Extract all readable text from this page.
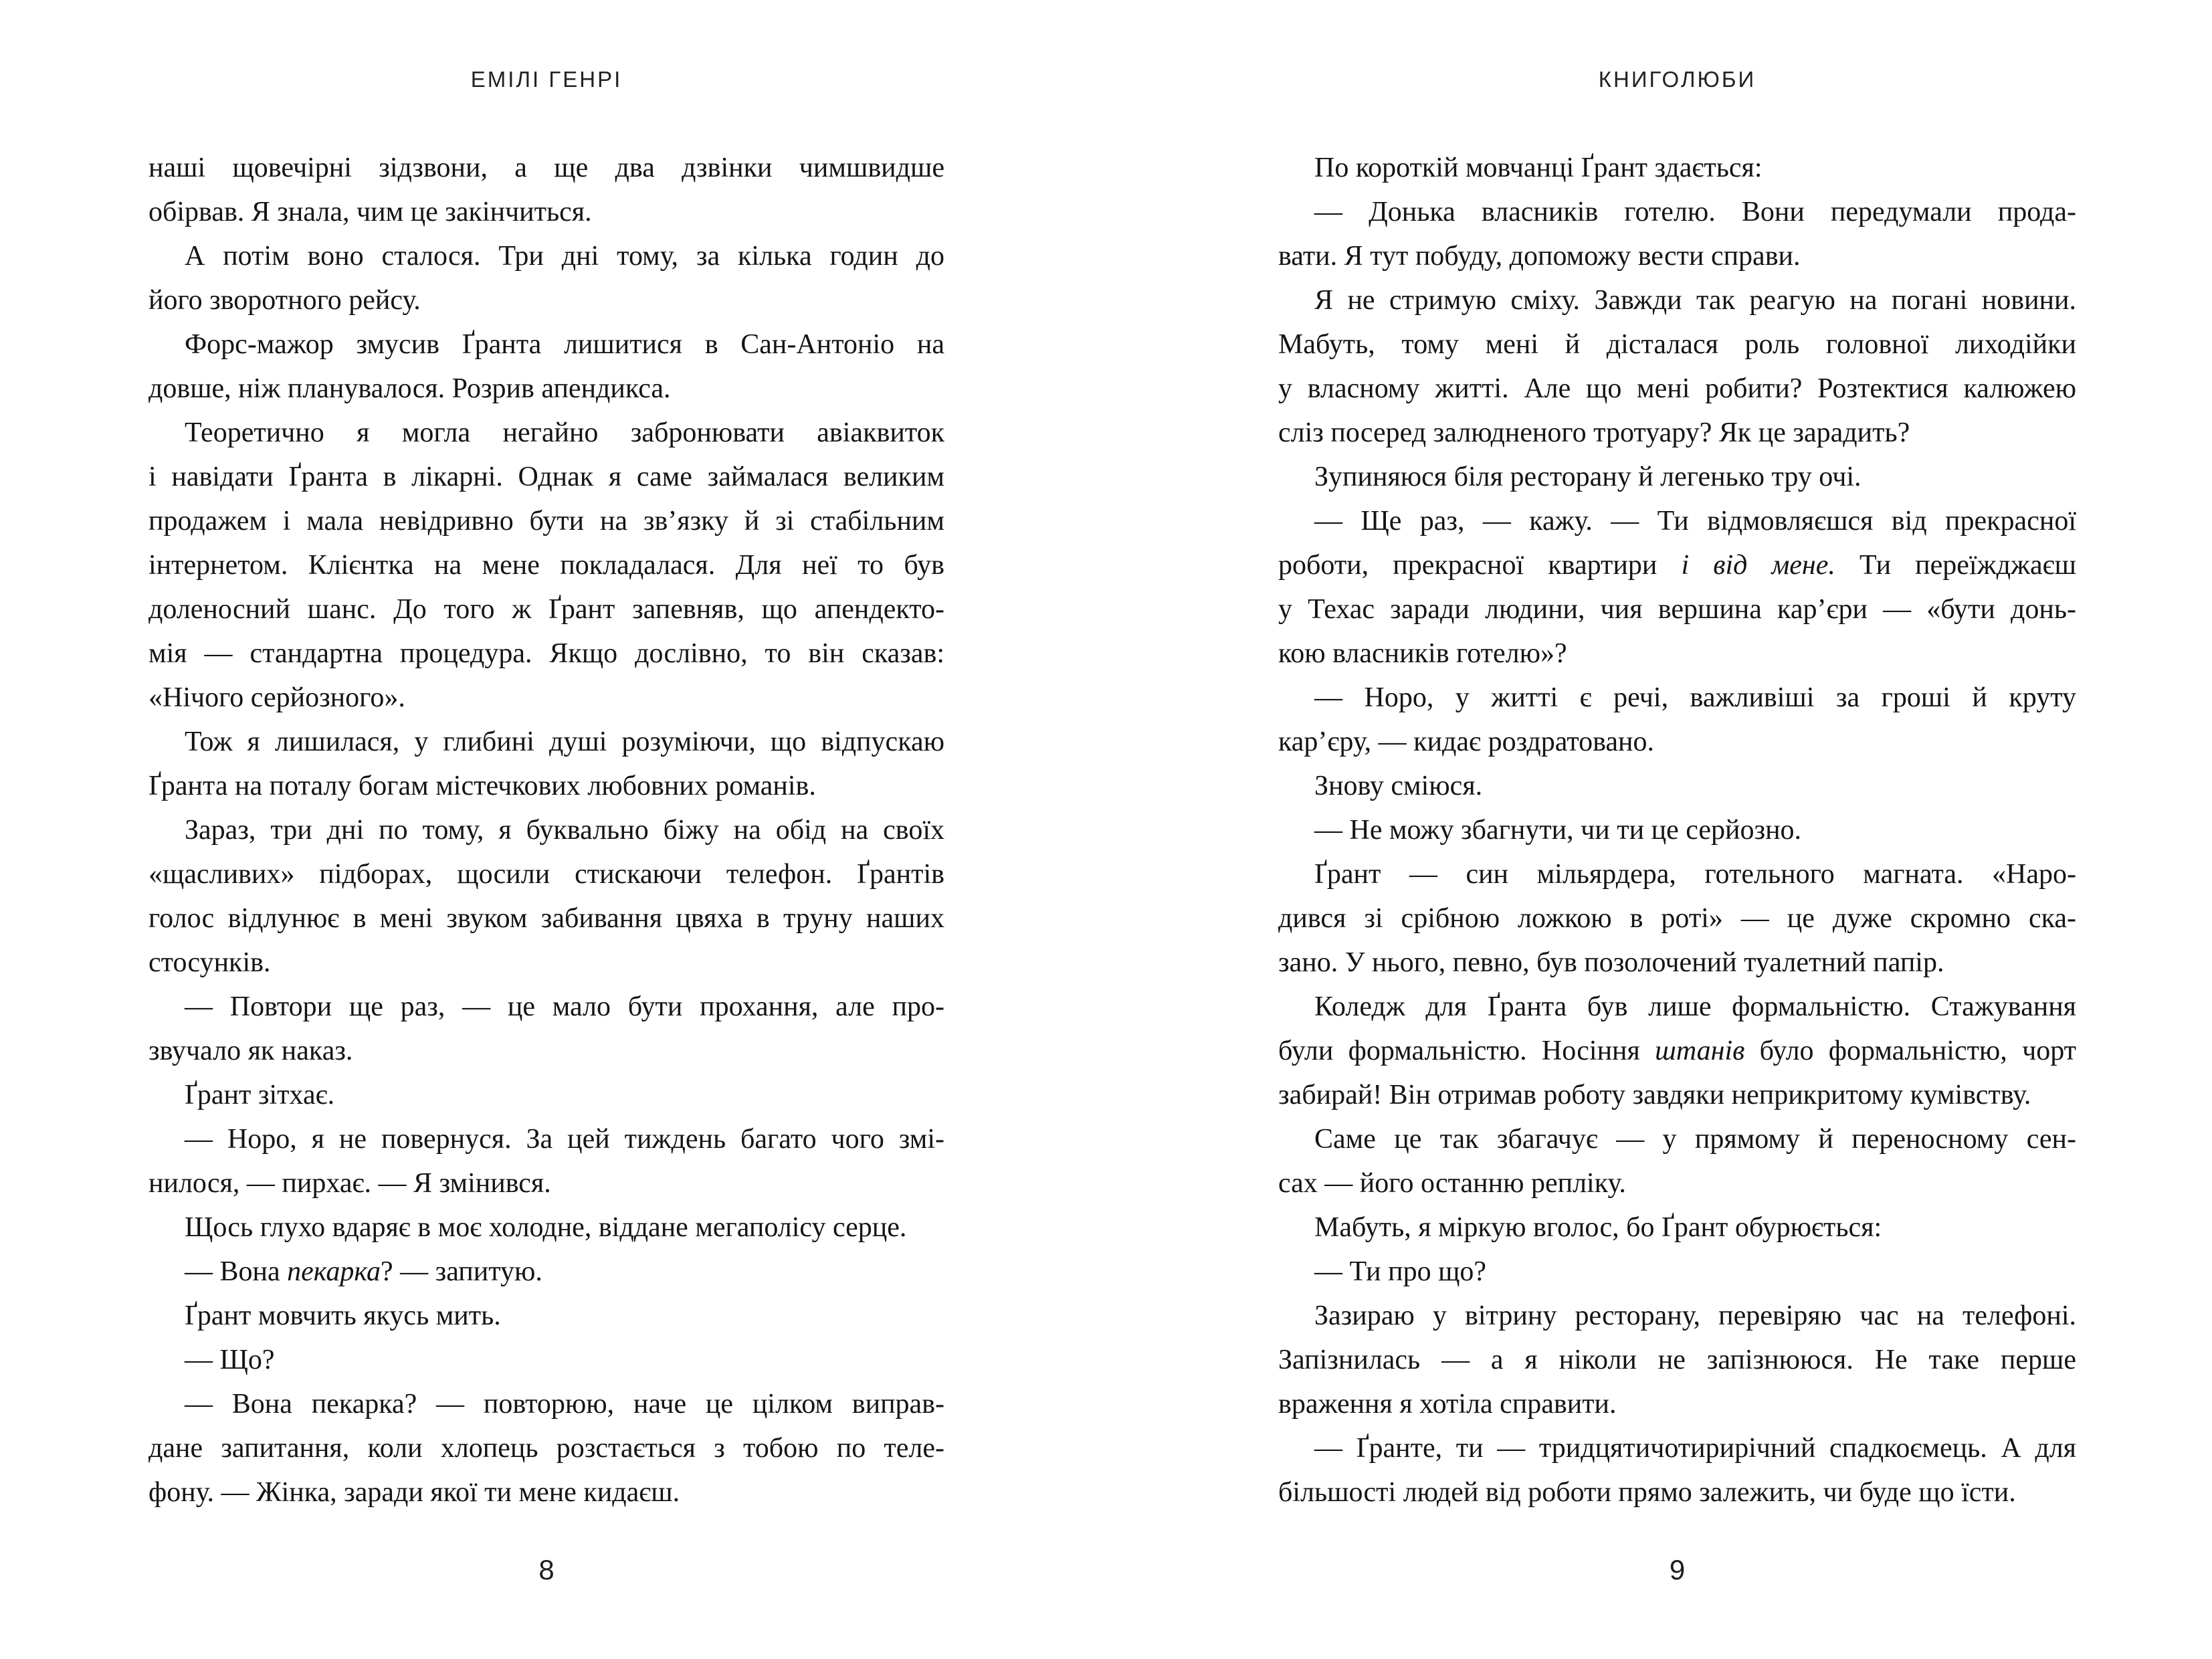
ЕМІЛІ ГЕНРІ
наші щовечірні зідзвони, а ще два дзвінки чимшвидше
обірвав. Я знала, чим це закінчиться.
А потім воно сталося. Три дні тому, за кілька годин до
його зворотного рейсу.
Форс-мажор змусив Ґранта лишитися в Сан-Антоніо на
довше, ніж планувалося. Розрив апендикса.
Теоретично я могла негайно забронювати авіаквиток
і навідати Ґранта в лікарні. Однак я саме займалася великим
продажем і мала невідривно бути на зв’язку й зі стабільним
інтернетом. Клієнтка на мене покладалася. Для неї то був
доленосний шанс. До того ж Ґрант запевняв, що апендекто-
мія — стандартна процедура. Якщо дослівно, то він сказав:
«Нічого серйозного».
Тож я лишилася, у глибині душі розуміючи, що відпускаю
Ґранта на поталу богам містечкових любовних романів.
Зараз, три дні по тому, я буквально біжу на обід на своїх
«щасливих» підборах, щосили стискаючи телефон. Ґрантів
голос відлунює в мені звуком забивання цвяха в труну наших
стосунків.
— Повтори ще раз, — це мало бути прохання, але про-
звучало як наказ.
Ґрант зітхає.
— Норо, я не повернуся. За цей тиждень багато чого змі-
нилося, — пирхає. — Я змінився.
Щось глухо вдаряє в моє холодне, віддане мегаполісу серце.
— Вона пекарка? — запитую.
Ґрант мовчить якусь мить.
— Що?
— Вона пекарка? — повторюю, наче це цілком виправ-
дане запитання, коли хлопець розстається з тобою по теле-
фону. — Жінка, заради якої ти мене кидаєш.
8
КНИГОЛЮБИ
По короткій мовчанці Ґрант здається:
— Донька власників готелю. Вони передумали прода-
вати. Я тут побуду, допоможу вести справи.
Я не стримую сміху. Завжди так реагую на погані новини.
Мабуть, тому мені й дісталася роль головної лиходійки
у власному житті. Але що мені робити? Розтектися калюжею
сліз посеред залюдненого тротуару? Як це зарадить?
Зупиняюся біля ресторану й легенько тру очі.
— Ще раз, — кажу. — Ти відмовляєшся від прекрасної
роботи, прекрасної квартири і від мене. Ти переїжджаєш
у Техас заради людини, чия вершина кар’єри — «бути донь-
кою власників готелю»?
— Норо, у житті є речі, важливіші за гроші й круту
кар’єру, — кидає роздратовано.
Знову сміюся.
— Не можу збагнути, чи ти це серйозно.
Ґрант — син мільярдера, готельного магната. «Наро-
дився зі срібною ложкою в роті» — це дуже скромно ска-
зано. У нього, певно, був позолочений туалетний папір.
Коледж для Ґранта був лише формальністю. Стажування
були формальністю. Носіння штанів було формальністю, чорт
забирай! Він отримав роботу завдяки неприкритому кумівству.
Саме це так збагачує — у прямому й переносному сен-
сах — його останню репліку.
Мабуть, я міркую вголос, бо Ґрант обурюється:
— Ти про що?
Зазираю у вітрину ресторану, перевіряю час на телефоні.
Запізнилась — а я ніколи не запізнююся. Не таке перше
враження я хотіла справити.
— Ґранте, ти — тридцятичотирирічний спадкоємець. А для
більшості людей від роботи прямо залежить, чи буде що їсти.
9
